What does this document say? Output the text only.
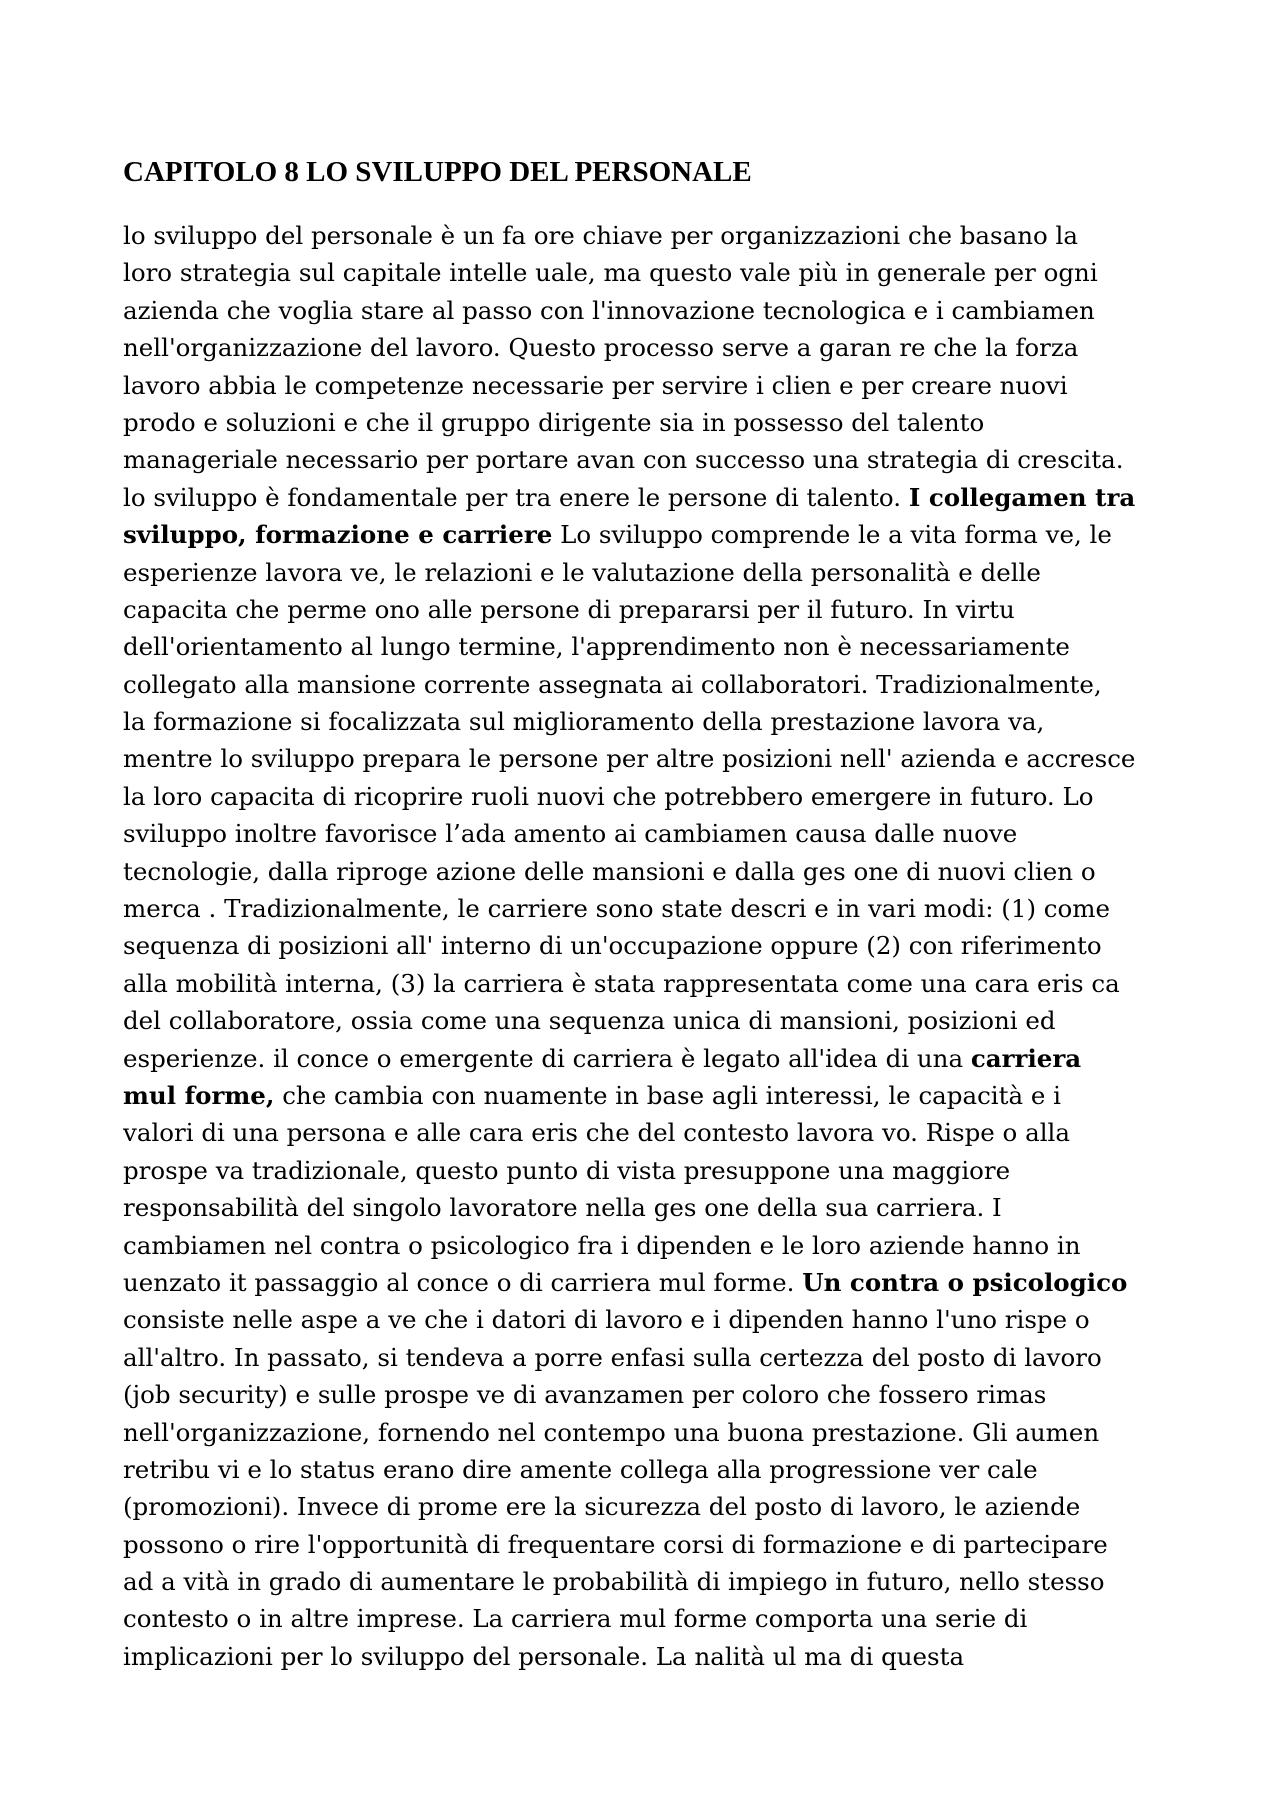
CAPITOLO 8 LO SVILUPPO DEL PERSONALE
lo sviluppo del personale è un fa ore chiave per organizzazioni che basano la
loro strategia sul capitale intelle uale, ma questo vale più in generale per ogni
azienda che voglia stare al passo con l'innovazione tecnologica e i cambiamen
nell'organizzazione del lavoro. Questo processo serve a garan re che la forza
lavoro abbia le competenze necessarie per servire i clien e per creare nuovi
prodo e soluzioni e che il gruppo dirigente sia in possesso del talento
manageriale necessario per portare avan con successo una strategia di crescita.
lo sviluppo è fondamentale per tra enere le persone di talento. I collegamen tra
sviluppo, formazione e carriere Lo sviluppo comprende le a vita forma ve, le
esperienze lavora ve, le relazioni e le valutazione della personalità e delle
capacita che perme ono alle persone di prepararsi per il futuro. In virtu
dell'orientamento al lungo termine, l'apprendimento non è necessariamente
collegato alla mansione corrente assegnata ai collaboratori. Tradizionalmente,
la formazione si focalizzata sul miglioramento della prestazione lavora va,
mentre lo sviluppo prepara le persone per altre posizioni nell' azienda e accresce
la loro capacita di ricoprire ruoli nuovi che potrebbero emergere in futuro. Lo
sviluppo inoltre favorisce l’ada amento ai cambiamen causa dalle nuove
tecnologie, dalla riproge azione delle mansioni e dalla ges one di nuovi clien o
merca . Tradizionalmente, le carriere sono state descri e in vari modi: (1) come
sequenza di posizioni all' interno di un'occupazione oppure (2) con riferimento
alla mobilità interna, (3) la carriera è stata rappresentata come una cara eris ca
del collaboratore, ossia come una sequenza unica di mansioni, posizioni ed
esperienze. il conce o emergente di carriera è legato all'idea di una carriera
mul forme, che cambia con nuamente in base agli interessi, le capacità e i
valori di una persona e alle cara eris che del contesto lavora vo. Rispe o alla
prospe va tradizionale, questo punto di vista presuppone una maggiore
responsabilità del singolo lavoratore nella ges one della sua carriera. I
cambiamen nel contra o psicologico fra i dipenden e le loro aziende hanno in
uenzato it passaggio al conce o di carriera mul forme. Un contra o psicologico
consiste nelle aspe a ve che i datori di lavoro e i dipenden hanno l'uno rispe o
all'altro. In passato, si tendeva a porre enfasi sulla certezza del posto di lavoro
(job security) e sulle prospe ve di avanzamen per coloro che fossero rimas
nell'organizzazione, fornendo nel contempo una buona prestazione. Gli aumen
retribu vi e lo status erano dire amente collega alla progressione ver cale
(promozioni). Invece di prome ere la sicurezza del posto di lavoro, le aziende
possono o rire l'opportunità di frequentare corsi di formazione e di partecipare
ad a vità in grado di aumentare le probabilità di impiego in futuro, nello stesso
contesto o in altre imprese. La carriera mul forme comporta una serie di
implicazioni per lo sviluppo del personale. La nalità ul ma di questa
